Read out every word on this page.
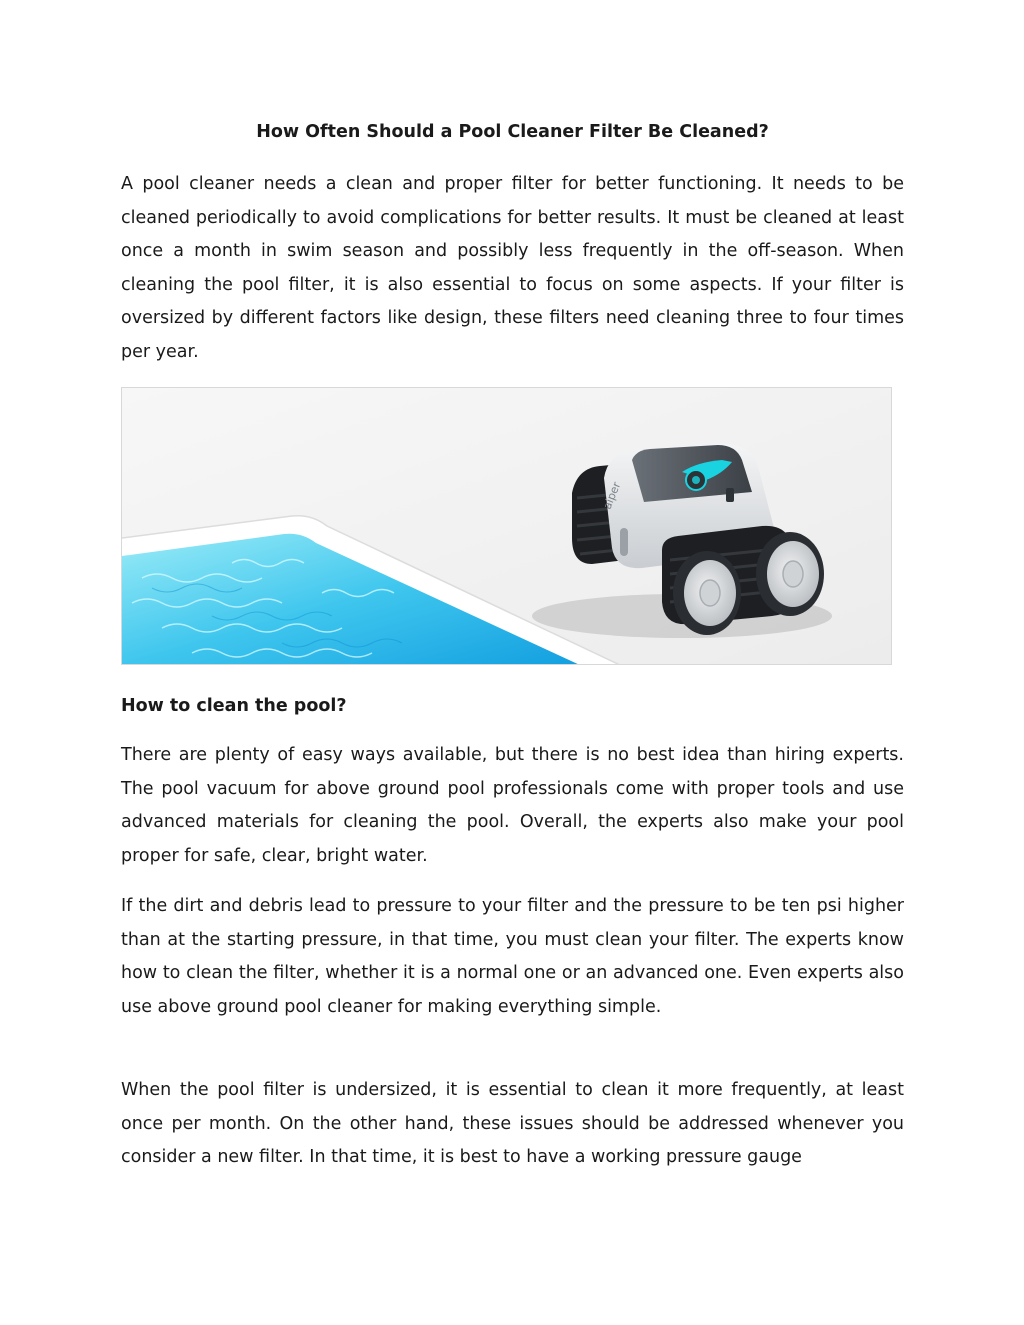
How Often Should a Pool Cleaner Filter Be Cleaned?

A pool cleaner needs a clean and proper filter for better functioning. It needs to be cleaned periodically to avoid complications for better results. It must be cleaned at least once a month in swim season and possibly less frequently in the off-season. When cleaning the pool filter, it is also essential to focus on some aspects. If your filter is oversized by different factors like design, these filters need cleaning three to four times per year.

aiper
How to clean the pool?

There are plenty of easy ways available, but there is no best idea than hiring experts. The pool vacuum for above ground pool professionals come with proper tools and use advanced materials for cleaning the pool. Overall, the experts also make your pool proper for safe, clear, bright water.

If the dirt and debris lead to pressure to your filter and the pressure to be ten psi higher than at the starting pressure, in that time, you must clean your filter. The experts know how to clean the filter, whether it is a normal one or an advanced one. Even experts also use above ground pool cleaner for making everything simple.

When the pool filter is undersized, it is essential to clean it more frequently, at least once per month. On the other hand, these issues should be addressed whenever you consider a new filter. In that time, it is best to have a working pressure gauge
